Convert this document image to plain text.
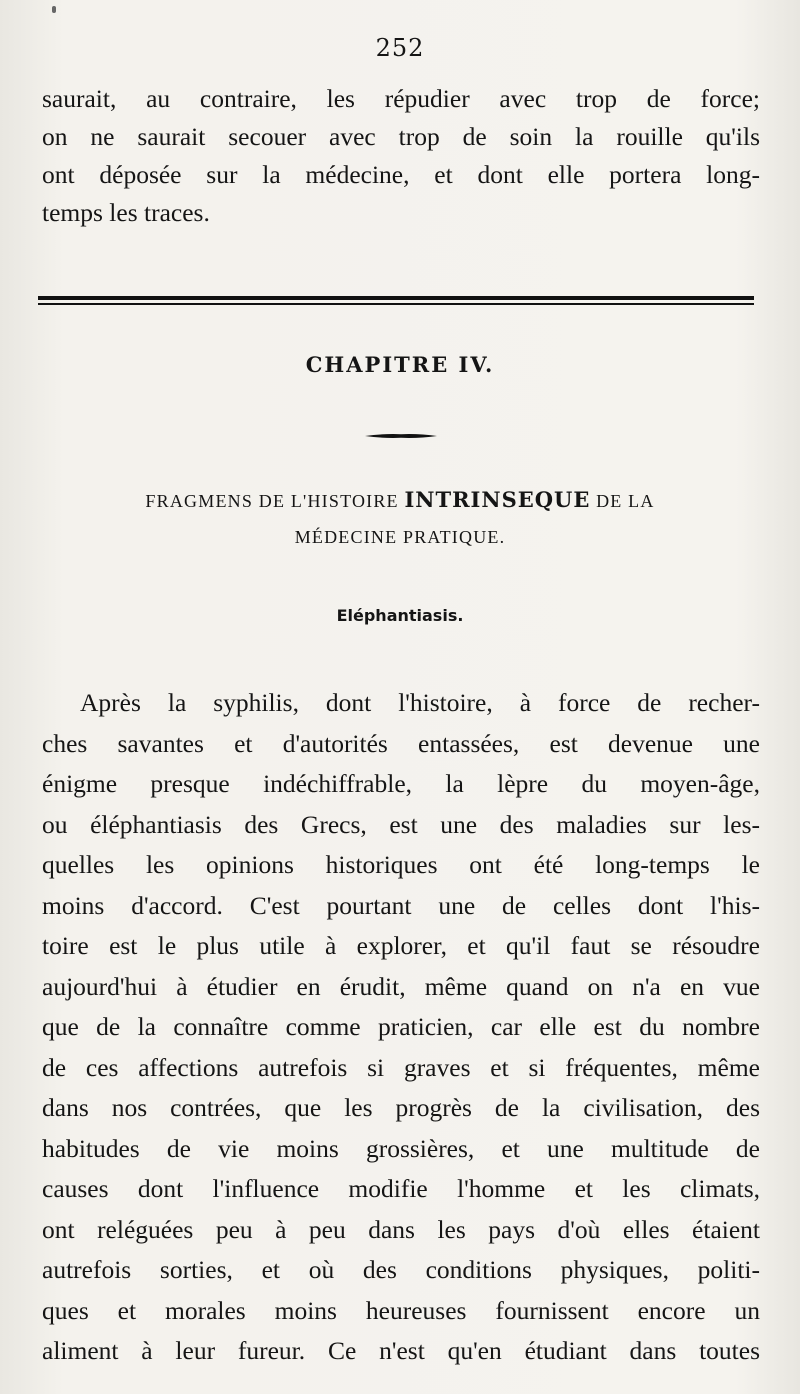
252
saurait, au contraire, les répudier avec trop de force;
on ne saurait secouer avec trop de soin la rouille qu'ils
ont déposée sur la médecine, et dont elle portera long-
temps les traces.
CHAPITRE IV.
FRAGMENS DE L'HISTOIRE INTRINSEQUE DE LA
MÉDECINE PRATIQUE.
Eléphantiasis.
Après la syphilis, dont l'histoire, à force de recher-
ches savantes et d'autorités entassées, est devenue une
énigme presque indéchiffrable, la lèpre du moyen-âge,
ou éléphantiasis des Grecs, est une des maladies sur les-
quelles les opinions historiques ont été long-temps le
moins d'accord. C'est pourtant une de celles dont l'his-
toire est le plus utile à explorer, et qu'il faut se résoudre
aujourd'hui à étudier en érudit, même quand on n'a en vue
que de la connaître comme praticien, car elle est du nombre
de ces affections autrefois si graves et si fréquentes, même
dans nos contrées, que les progrès de la civilisation, des
habitudes de vie moins grossières, et une multitude de
causes dont l'influence modifie l'homme et les climats,
ont reléguées peu à peu dans les pays d'où elles étaient
autrefois sorties, et où des conditions physiques, politi-
ques et morales moins heureuses fournissent encore un
aliment à leur fureur. Ce n'est qu'en étudiant dans toutes
